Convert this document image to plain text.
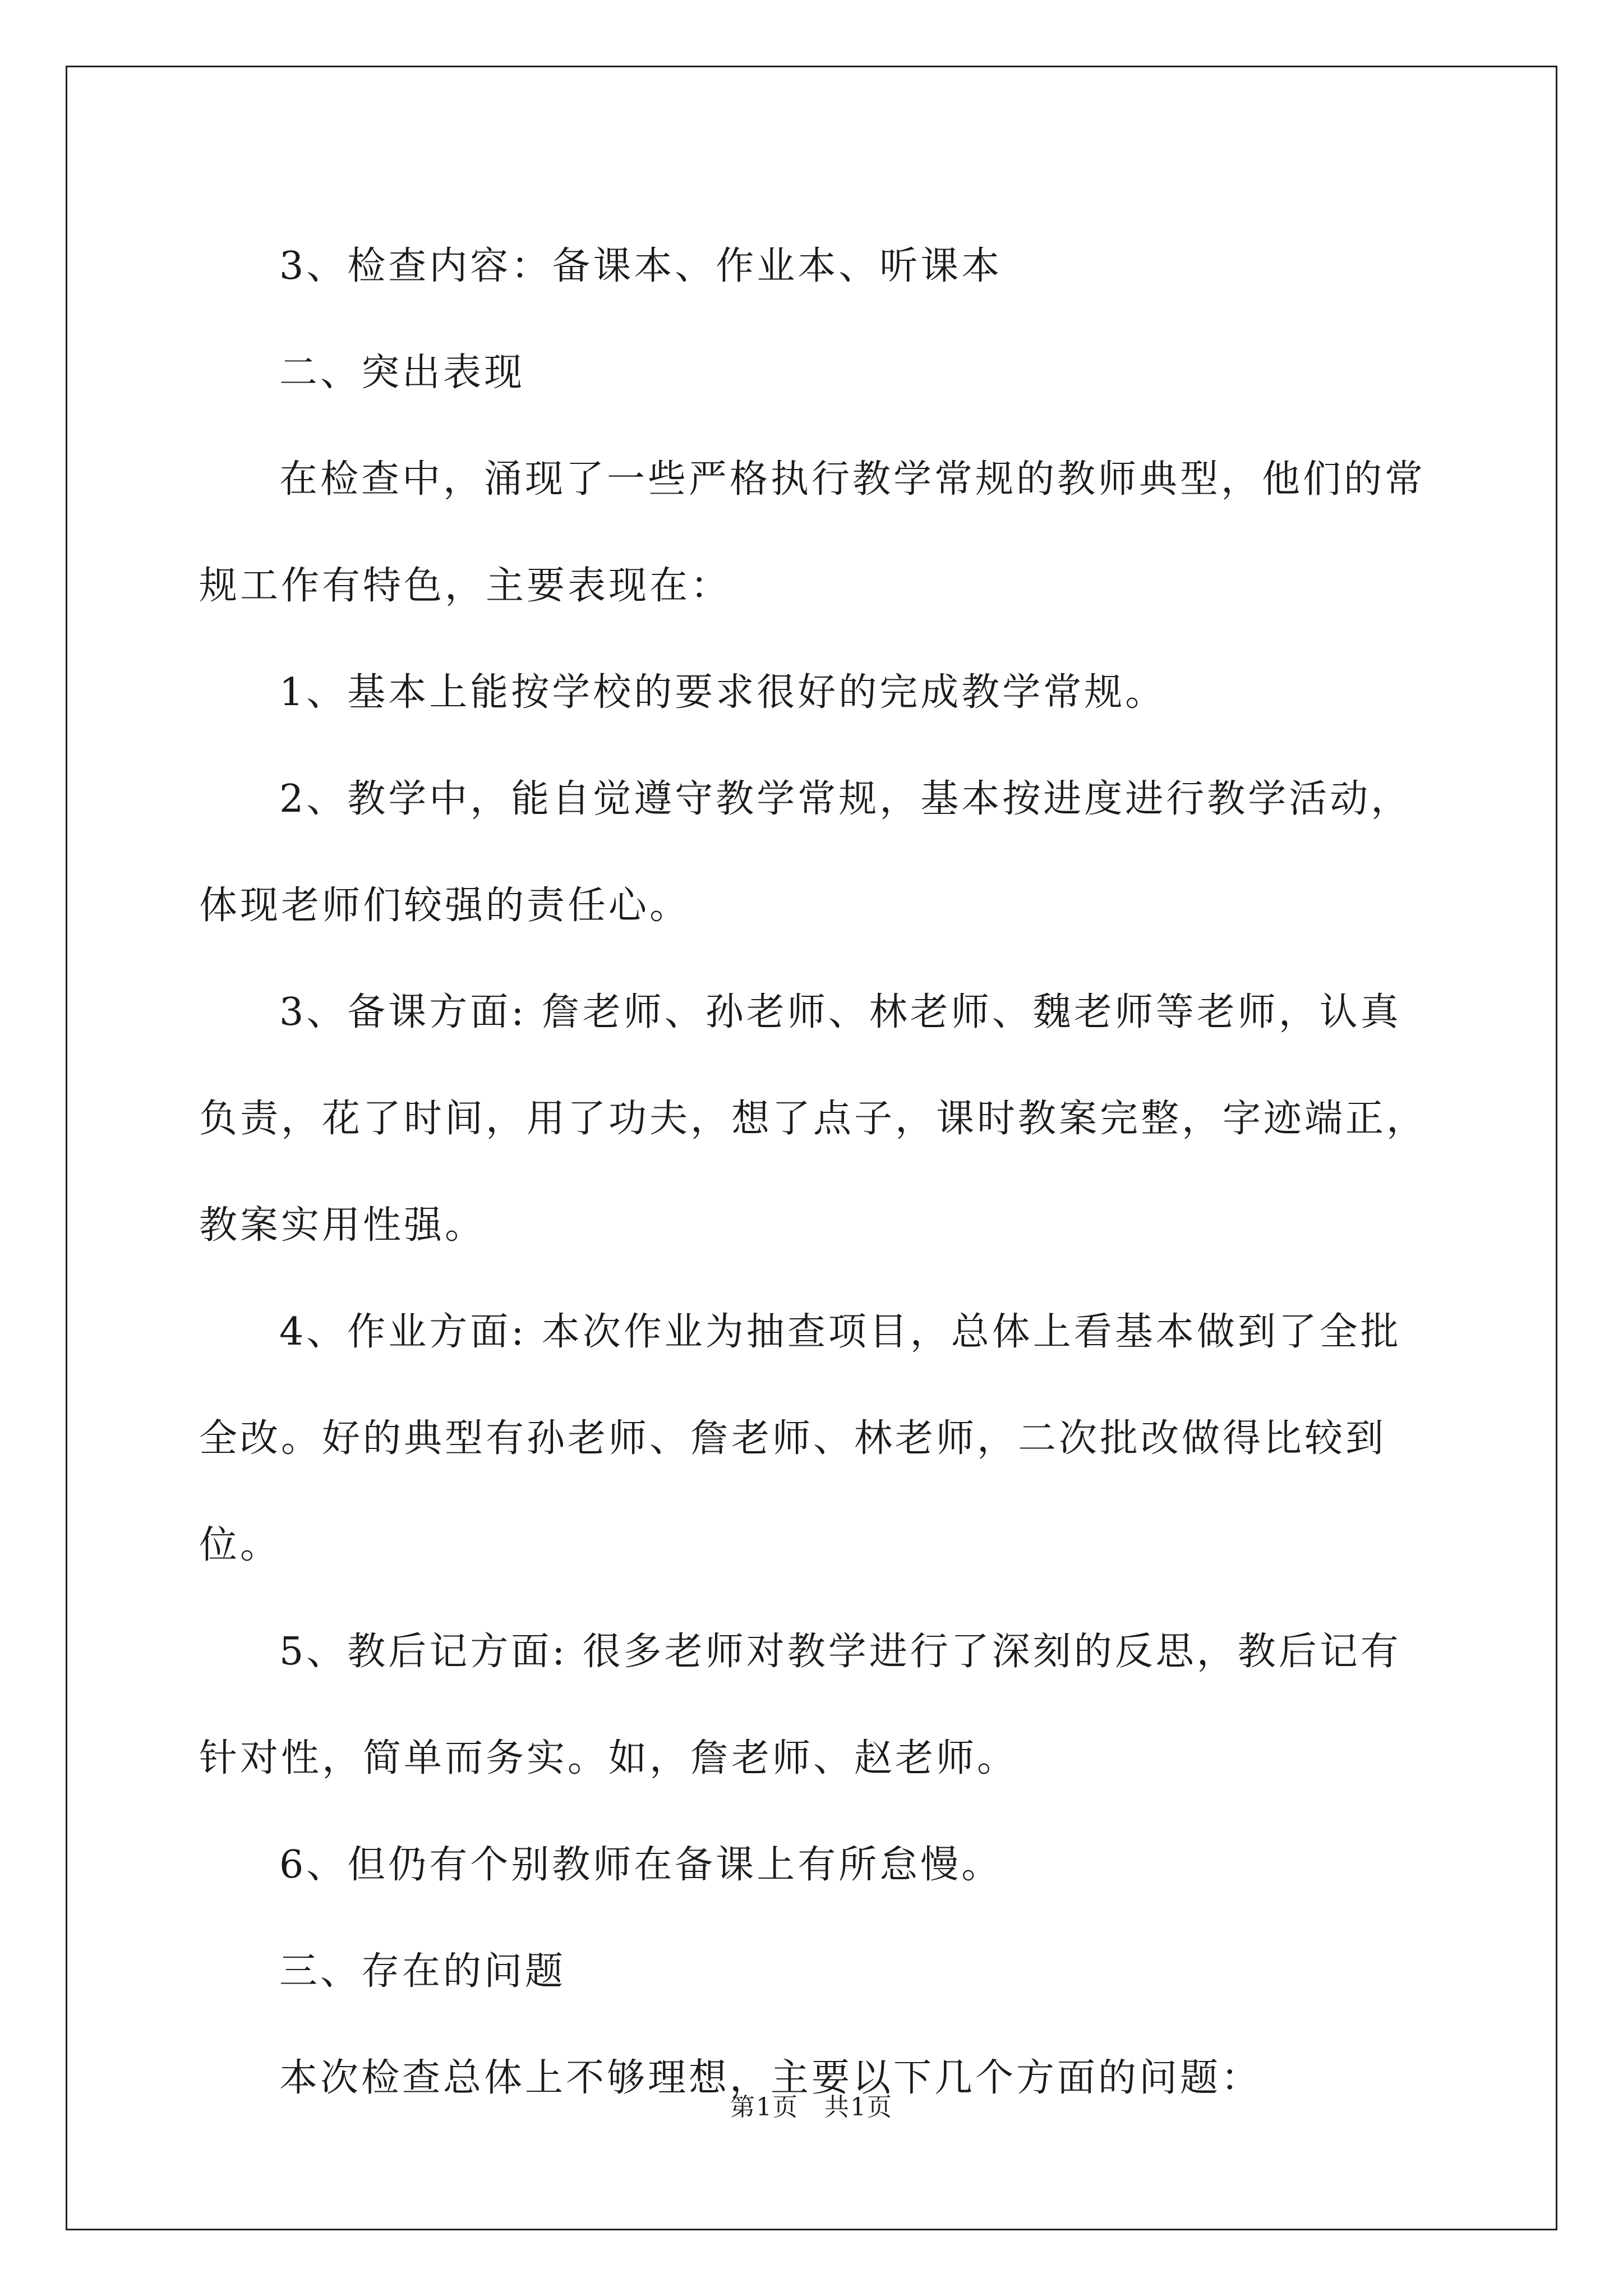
3、检查内容：备课本、作业本、听课本

二、突出表现

在检查中，涌现了一些严格执行教学常规的教师典型，他们的常规工作有特色，主要表现在：

1、基本上能按学校的要求很好的完成教学常规。

2、教学中，能自觉遵守教学常规，基本按进度进行教学活动，体现老师们较强的责任心。

3、备课方面: 詹老师、孙老师、林老师、魏老师等老师，认真负责，花了时间，用了功夫，想了点子，课时教案完整，字迹端正，教案实用性强。

4、作业方面: 本次作业为抽查项目，总体上看基本做到了全批全改。好的典型有孙老师、詹老师、林老师，二次批改做得比较到位。

5、教后记方面: 很多老师对教学进行了深刻的反思，教后记有针对性，简单而务实。如，詹老师、赵老师。

6、但仍有个别教师在备课上有所怠慢。

三、存在的问题

本次检查总体上不够理想，主要以下几个方面的问题：

第1页　共1页
